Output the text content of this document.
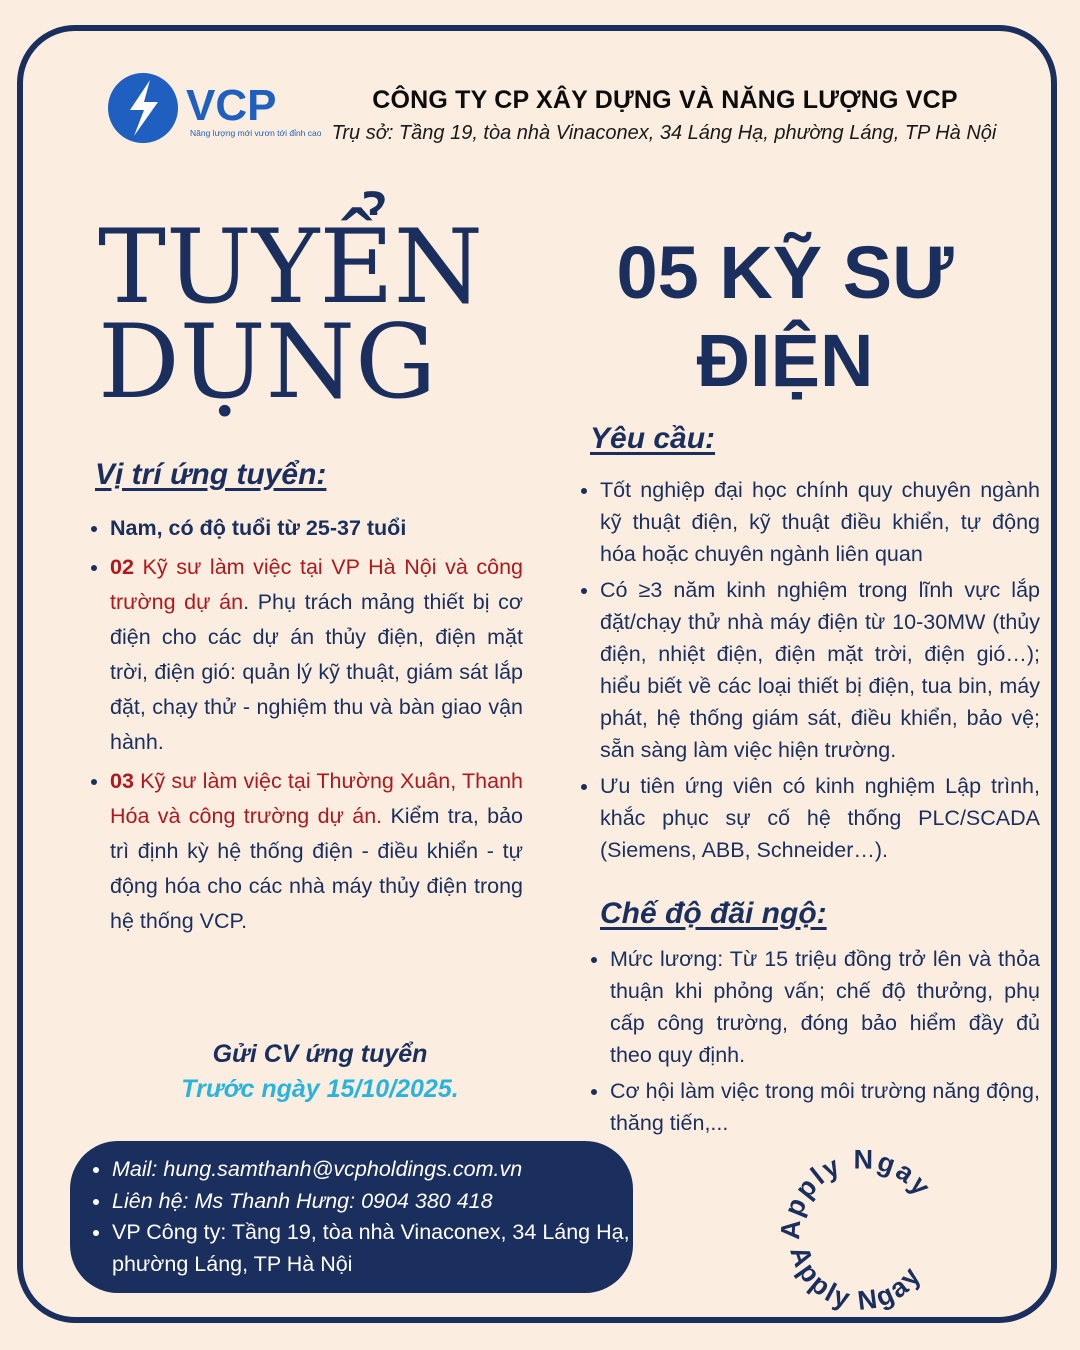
VCP
Năng lượng mới vươn tới đỉnh cao
CÔNG TY CP XÂY DỰNG VÀ NĂNG LƯỢNG VCP
Trụ sở: Tầng 19, tòa nhà Vinaconex, 34 Láng Hạ, phường Láng, TP Hà Nội
TUYỂN
DỤNG
05 KỸ SƯ
ĐIỆN
Vị trí ứng tuyển:
• Nam, có độ tuổi từ 25-37 tuổi
• 02 Kỹ sư làm việc tại VP Hà Nội và công trường dự án. Phụ trách mảng thiết bị cơ điện cho các dự án thủy điện, điện mặt trời, điện gió: quản lý kỹ thuật, giám sát lắp đặt, chạy thử - nghiệm thu và bàn giao vận hành.
• 03 Kỹ sư làm việc tại Thường Xuân, Thanh Hóa và công trường dự án. Kiểm tra, bảo trì định kỳ hệ thống điện - điều khiển - tự động hóa cho các nhà máy thủy điện trong hệ thống VCP.
Yêu cầu:
• Tốt nghiệp đại học chính quy chuyên ngành kỹ thuật điện, kỹ thuật điều khiển, tự động hóa hoặc chuyên ngành liên quan
• Có ≥3 năm kinh nghiệm trong lĩnh vực lắp đặt/chạy thử nhà máy điện từ 10-30MW (thủy điện, nhiệt điện, điện mặt trời, điện gió…); hiểu biết về các loại thiết bị điện, tua bin, máy phát, hệ thống giám sát, điều khiển, bảo vệ; sẵn sàng làm việc hiện trường.
• Ưu tiên ứng viên có kinh nghiệm Lập trình, khắc phục sự cố hệ thống PLC/SCADA (Siemens, ABB, Schneider…).
Chế độ đãi ngộ:
• Mức lương: Từ 15 triệu đồng trở lên và thỏa thuận khi phỏng vấn; chế độ thưởng, phụ cấp công trường, đóng bảo hiểm đầy đủ theo quy định.
• Cơ hội làm việc trong môi trường năng động, thăng tiến,...
Gửi CV ứng tuyển
Trước ngày 15/10/2025.
• Mail: hung.samthanh@vcpholdings.com.vn
• Liên hệ: Ms Thanh Hưng: 0904 380 418
• VP Công ty: Tầng 19, tòa nhà Vinaconex, 34 Láng Hạ, phường Láng, TP Hà Nội
Apply Ngay
Apply Ngay
